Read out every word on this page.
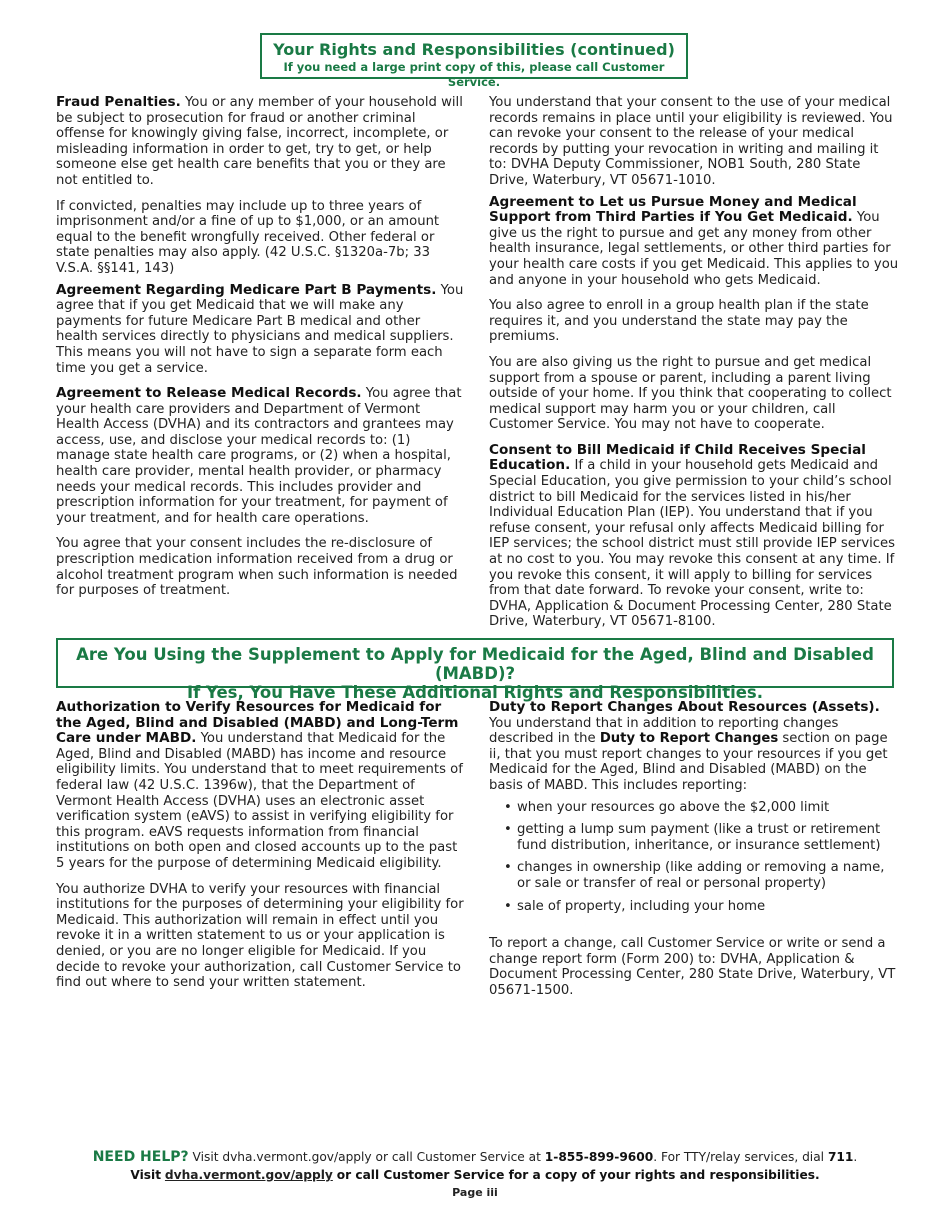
Your Rights and Responsibilities (continued)
If you need a large print copy of this, please call Customer Service.

Fraud Penalties. You or any member of your household will be subject to prosecution for fraud or another criminal offense for knowingly giving false, incorrect, incomplete, or misleading information in order to get, try to get, or help someone else get health care benefits that you or they are not entitled to.

If convicted, penalties may include up to three years of imprisonment and/or a fine of up to $1,000, or an amount equal to the benefit wrongfully received. Other federal or state penalties may also apply. (42 U.S.C. §1320a-7b; 33 V.S.A. §§141, 143)

Agreement Regarding Medicare Part B Payments. You agree that if you get Medicaid that we will make any payments for future Medicare Part B medical and other health services directly to physicians and medical suppliers. This means you will not have to sign a separate form each time you get a service.

Agreement to Release Medical Records. You agree that your health care providers and Department of Vermont Health Access (DVHA) and its contractors and grantees may access, use, and disclose your medical records to: (1) manage state health care programs, or (2) when a hospital, health care provider, mental health provider, or pharmacy needs your medical records. This includes provider and prescription information for your treatment, for payment of your treatment, and for health care operations.

You agree that your consent includes the re-disclosure of prescription medication information received from a drug or alcohol treatment program when such information is needed for purposes of treatment.

You understand that your consent to the use of your medical records remains in place until your eligibility is reviewed. You can revoke your consent to the release of your medical records by putting your revocation in writing and mailing it to: DVHA Deputy Commissioner, NOB1 South, 280 State Drive, Waterbury, VT 05671-1010.

Agreement to Let us Pursue Money and Medical Support from Third Parties if You Get Medicaid. You give us the right to pursue and get any money from other health insurance, legal settlements, or other third parties for your health care costs if you get Medicaid. This applies to you and anyone in your household who gets Medicaid.

You also agree to enroll in a group health plan if the state requires it, and you understand the state may pay the premiums.

You are also giving us the right to pursue and get medical support from a spouse or parent, including a parent living outside of your home. If you think that cooperating to collect medical support may harm you or your children, call Customer Service. You may not have to cooperate.

Consent to Bill Medicaid if Child Receives Special Education. If a child in your household gets Medicaid and Special Education, you give permission to your child’s school district to bill Medicaid for the services listed in his/her Individual Education Plan (IEP). You understand that if you refuse consent, your refusal only affects Medicaid billing for IEP services; the school district must still provide IEP services at no cost to you. You may revoke this consent at any time. If you revoke this consent, it will apply to billing for services from that date forward. To revoke your consent, write to: DVHA, Application & Document Processing Center, 280 State Drive, Waterbury, VT 05671-8100.

Are You Using the Supplement to Apply for Medicaid for the Aged, Blind and Disabled (MABD)?
If Yes, You Have These Additional Rights and Responsibilities.

Authorization to Verify Resources for Medicaid for the Aged, Blind and Disabled (MABD) and Long-Term Care under MABD. You understand that Medicaid for the Aged, Blind and Disabled (MABD) has income and resource eligibility limits. You understand that to meet requirements of federal law (42 U.S.C. 1396w), that the Department of Vermont Health Access (DVHA) uses an electronic asset verification system (eAVS) to assist in verifying eligibility for this program. eAVS requests information from financial institutions on both open and closed accounts up to the past 5 years for the purpose of determining Medicaid eligibility.

You authorize DVHA to verify your resources with financial institutions for the purposes of determining your eligibility for Medicaid. This authorization will remain in effect until you revoke it in a written statement to us or your application is denied, or you are no longer eligible for Medicaid. If you decide to revoke your authorization, call Customer Service to find out where to send your written statement.

Duty to Report Changes About Resources (Assets). You understand that in addition to reporting changes described in the Duty to Report Changes section on page ii, that you must report changes to your resources if you get Medicaid for the Aged, Blind and Disabled (MABD) on the basis of MABD. This includes reporting:

• when your resources go above the $2,000 limit
• getting a lump sum payment (like a trust or retirement fund distribution, inheritance, or insurance settlement)
• changes in ownership (like adding or removing a name, or sale or transfer of real or personal property)
• sale of property, including your home

To report a change, call Customer Service or write or send a change report form (Form 200) to: DVHA, Application & Document Processing Center, 280 State Drive, Waterbury, VT 05671-1500.

NEED HELP? Visit dvha.vermont.gov/apply or call Customer Service at 1-855-899-9600. For TTY/relay services, dial 711.
Visit dvha.vermont.gov/apply or call Customer Service for a copy of your rights and responsibilities.
Page iii
